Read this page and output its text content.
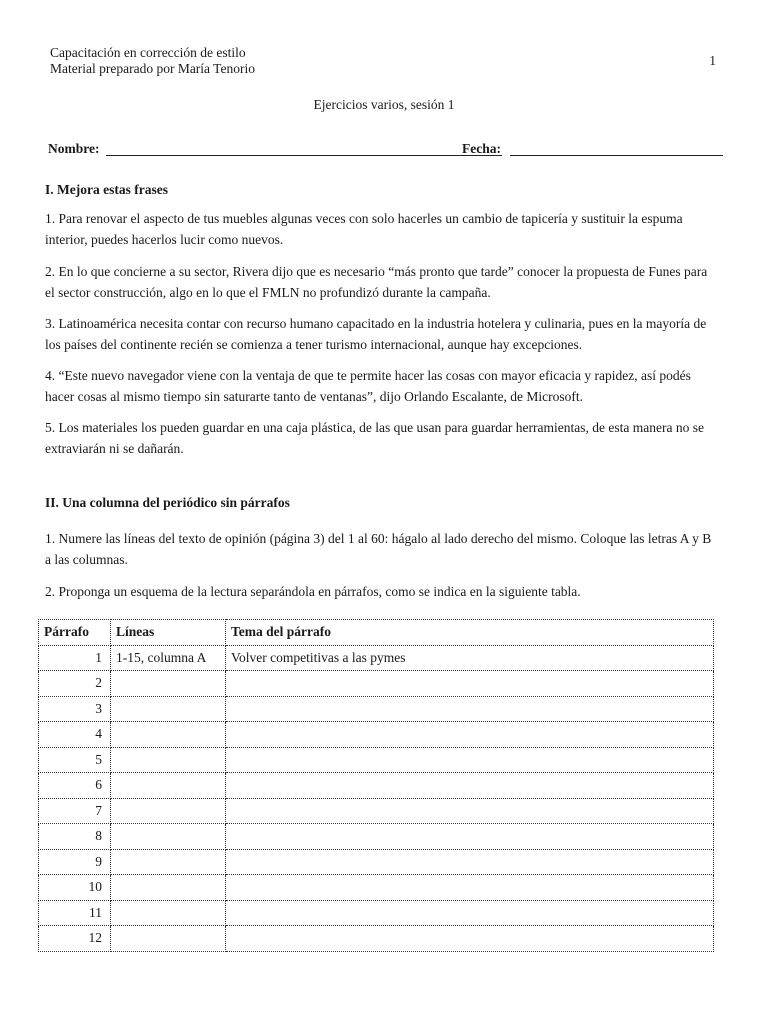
Capacitación en corrección de estilo
Material preparado por María Tenorio
1
Ejercicios varios, sesión 1
Nombre:	Fecha:
I. Mejora estas frases
1. Para renovar el aspecto de tus muebles algunas veces con solo hacerles un cambio de tapicería y sustituir la espuma interior, puedes hacerlos lucir como nuevos.
2. En lo que concierne a su sector, Rivera dijo que es necesario “más pronto que tarde” conocer la propuesta de Funes para el sector construcción, algo en lo que el FMLN no profundizó durante la campaña.
3. Latinoamérica necesita contar con recurso humano capacitado en la industria hotelera y culinaria, pues en la mayoría de los países del continente recién se comienza a tener turismo internacional, aunque hay excepciones.
4. “Este nuevo navegador viene con la ventaja de que te permite hacer las cosas con mayor eficacia y rapidez, así podés hacer cosas al mismo tiempo sin saturarte tanto de ventanas”, dijo Orlando Escalante, de Microsoft.
5. Los materiales los pueden guardar en una caja plástica, de las que usan para guardar herramientas, de esta manera no se extraviarán ni se dañarán.
II. Una columna del periódico sin párrafos
1. Numere las líneas del texto de opinión (página 3) del 1 al 60: hágalo al lado derecho del mismo. Coloque las letras A y B a las columnas.
2. Proponga un esquema de la lectura separándola en párrafos, como se indica en la siguiente tabla.
Párrafo	Líneas	Tema del párrafo
1	1-15, columna A	Volver competitivas a las pymes
2		
3		
4		
5		
6		
7		
8		
9		
10		
11		
12		
